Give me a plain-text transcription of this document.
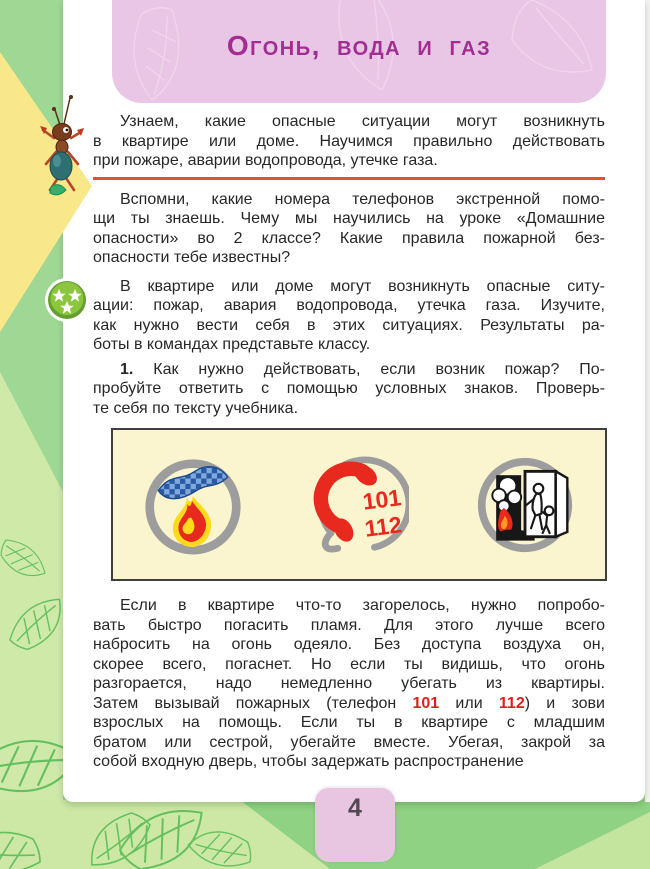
Огонь, вода и газ
Узнаем, какие опасные ситуации могут возникнуть
в квартире или доме. Научимся правильно действовать
при пожаре, аварии водопровода, утечке газа.
Вспомни, какие номера телефонов экстренной помо-
щи ты знаешь. Чему мы научились на уроке «Домашние
опасности» во 2 классе? Какие правила пожарной без-
опасности тебе известны?
В квартире или доме могут возникнуть опасные ситу-
ации: пожар, авария водопровода, утечка газа. Изучите,
как нужно вести себя в этих ситуациях. Результаты ра-
боты в командах представьте классу.
1. Как нужно действовать, если возник пожар? По-
пробуйте ответить с помощью условных знаков. Проверь-
те себя по тексту учебника.
101
112
Если в квартире что-то загорелось, нужно попробо-
вать быстро погасить пламя. Для этого лучше всего
набросить на огонь одеяло. Без доступа воздуха он,
скорее всего, погаснет. Но если ты видишь, что огонь
разгорается, надо немедленно убегать из квартиры.
Затем вызывай пожарных (телефон 101 или 112) и зови
взрослых на помощь. Если ты в квартире с младшим
братом или сестрой, убегайте вместе. Убегая, закрой за
собой входную дверь, чтобы задержать распространение
4
